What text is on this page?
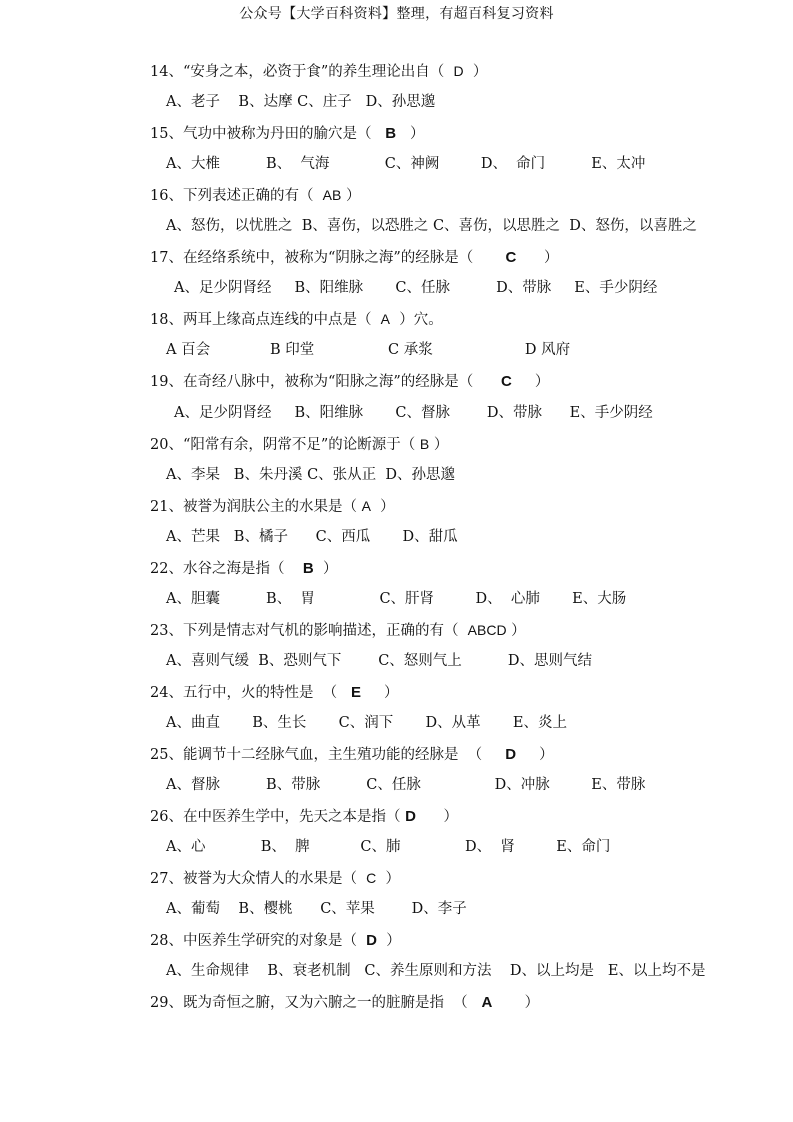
公众号【大学百科资料】整理，有超百科复习资料
14、“安身之本，必资于食”的养生理论出自（  D  ）
A、老子    B、达摩 C、庄子   D、孙思邈
15、气功中被称为丹田的腧穴是（   B   ）
A、大椎          B、  气海            C、神阙         D、  命门          E、太冲
16、下列表述正确的有（  AB ）
A、怒伤，以忧胜之  B、喜伤，以恐胜之 C、喜伤，以思胜之  D、怒伤，以喜胜之
17、在经络系统中，被称为“阴脉之海”的经脉是（       C      ）
A、足少阴肾经     B、阳维脉       C、任脉          D、带脉     E、手少阴经
18、两耳上缘高点连线的中点是（  A  ）穴。
A 百会             B 印堂                C 承浆                    D 风府
19、在奇经八脉中，被称为“阳脉之海”的经脉是（      C     ）
A、足少阴肾经     B、阳维脉       C、督脉        D、带脉      E、手少阴经
20、“阳常有余，阴常不足”的论断源于（ B ）
A、李杲   B、朱丹溪 C、张从正  D、孙思邈
21、被誉为润肤公主的水果是（ A  ）
A、芒果   B、橘子      C、西瓜       D、甜瓜
22、水谷之海是指（    B  ）
A、胆囊          B、  胃              C、肝肾         D、  心肺       E、大肠
23、下列是情志对气机的影响描述，正确的有（  ABCD ）
A、喜则气缓  B、恐则气下        C、怒则气上          D、思则气结
24、五行中，火的特性是  （   E     ）
A、曲直       B、生长       C、润下       D、从革       E、炎上
25、能调节十二经脉气血，主生殖功能的经脉是  （     D     ）
A、督脉          B、带脉          C、任脉                D、冲脉         E、带脉
26、在中医养生学中，先天之本是指（ D      ）
A、心            B、  脾           C、肺              D、  肾         E、命门
27、被誉为大众情人的水果是（  C  ）
A、葡萄    B、樱桃      C、苹果        D、李子
28、中医养生学研究的对象是（  D  ）
A、生命规律    B、衰老机制   C、养生原则和方法    D、以上均是   E、以上均不是
29、既为奇恒之腑，又为六腑之一的脏腑是指  （   A       ）
